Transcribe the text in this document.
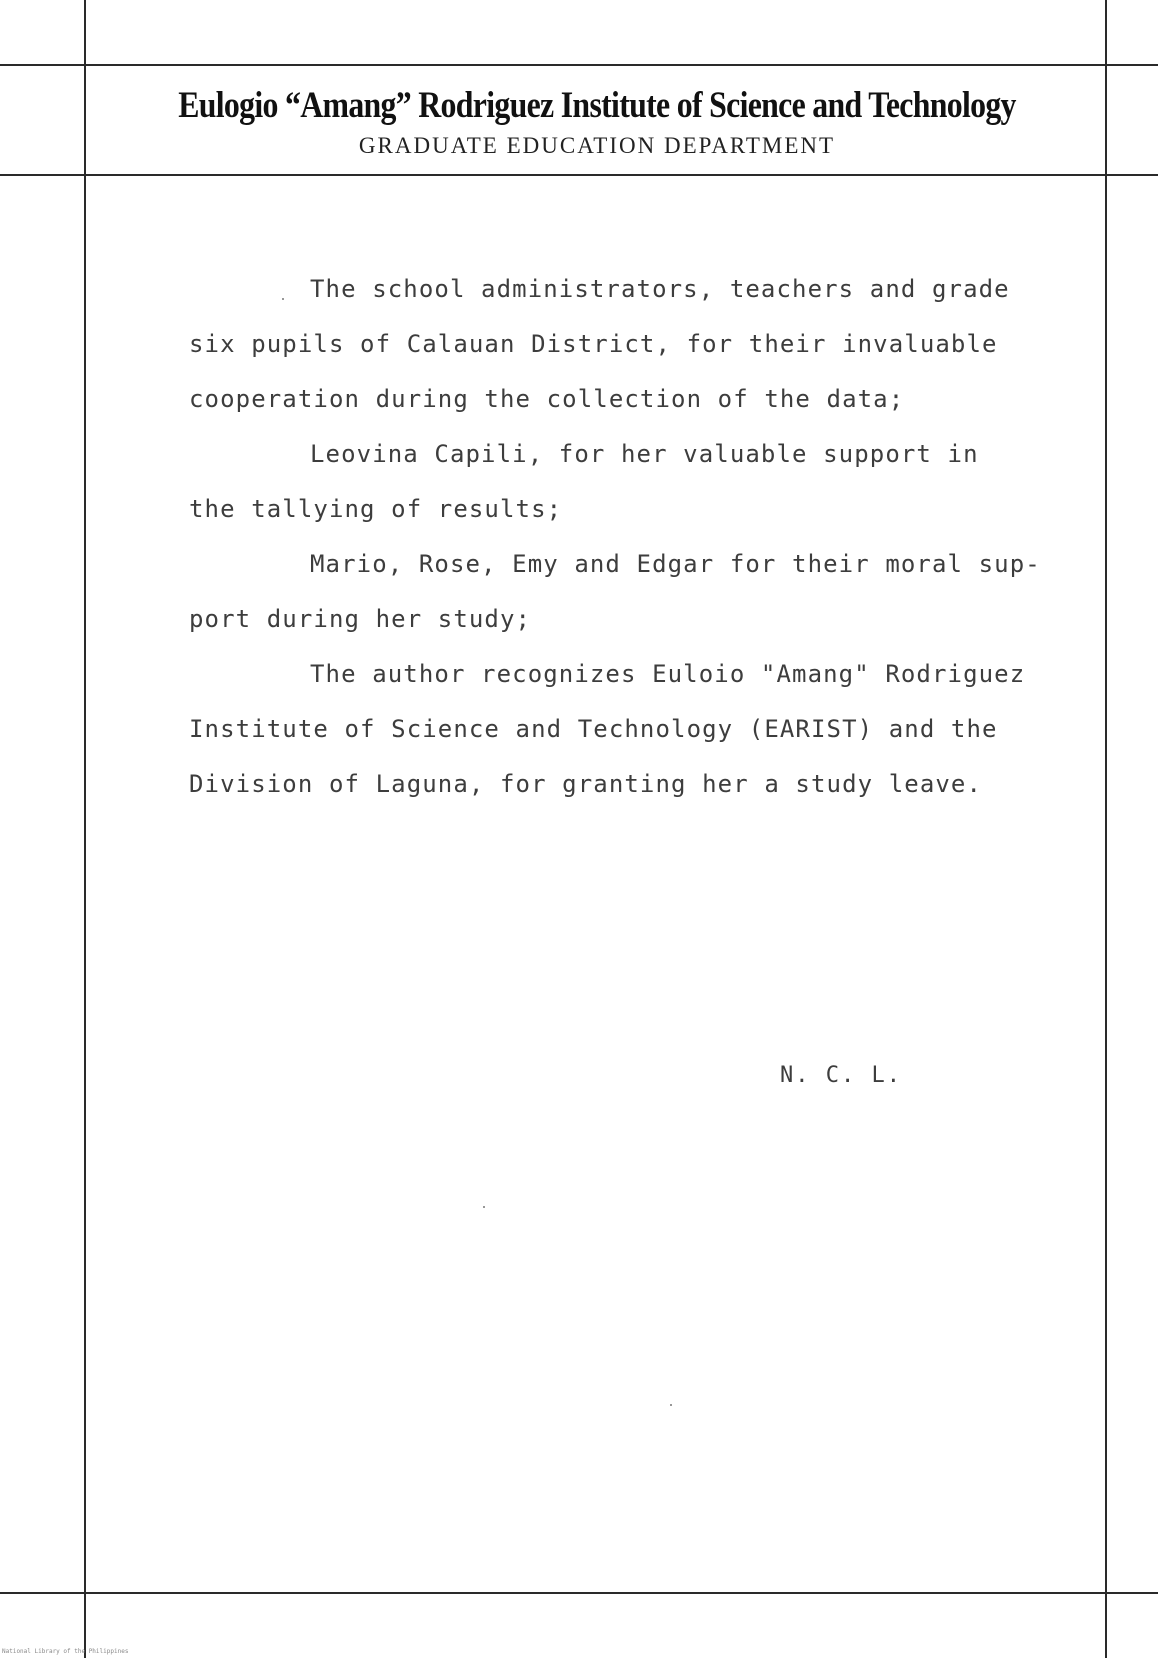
Eulogio “Amang” Rodriguez Institute of Science and Technology
GRADUATE EDUCATION DEPARTMENT
The school administrators, teachers and grade
six pupils of Calauan District, for their invaluable
cooperation during the collection of the data;
Leovina Capili, for her valuable support in
the tallying of results;
Mario, Rose, Emy and Edgar for their moral sup-
port during her study;
The author recognizes Euloio "Amang" Rodriguez
Institute of Science and Technology (EARIST) and the
Division of Laguna, for granting her a study leave.
N. C. L.
National Library of the Philippines
